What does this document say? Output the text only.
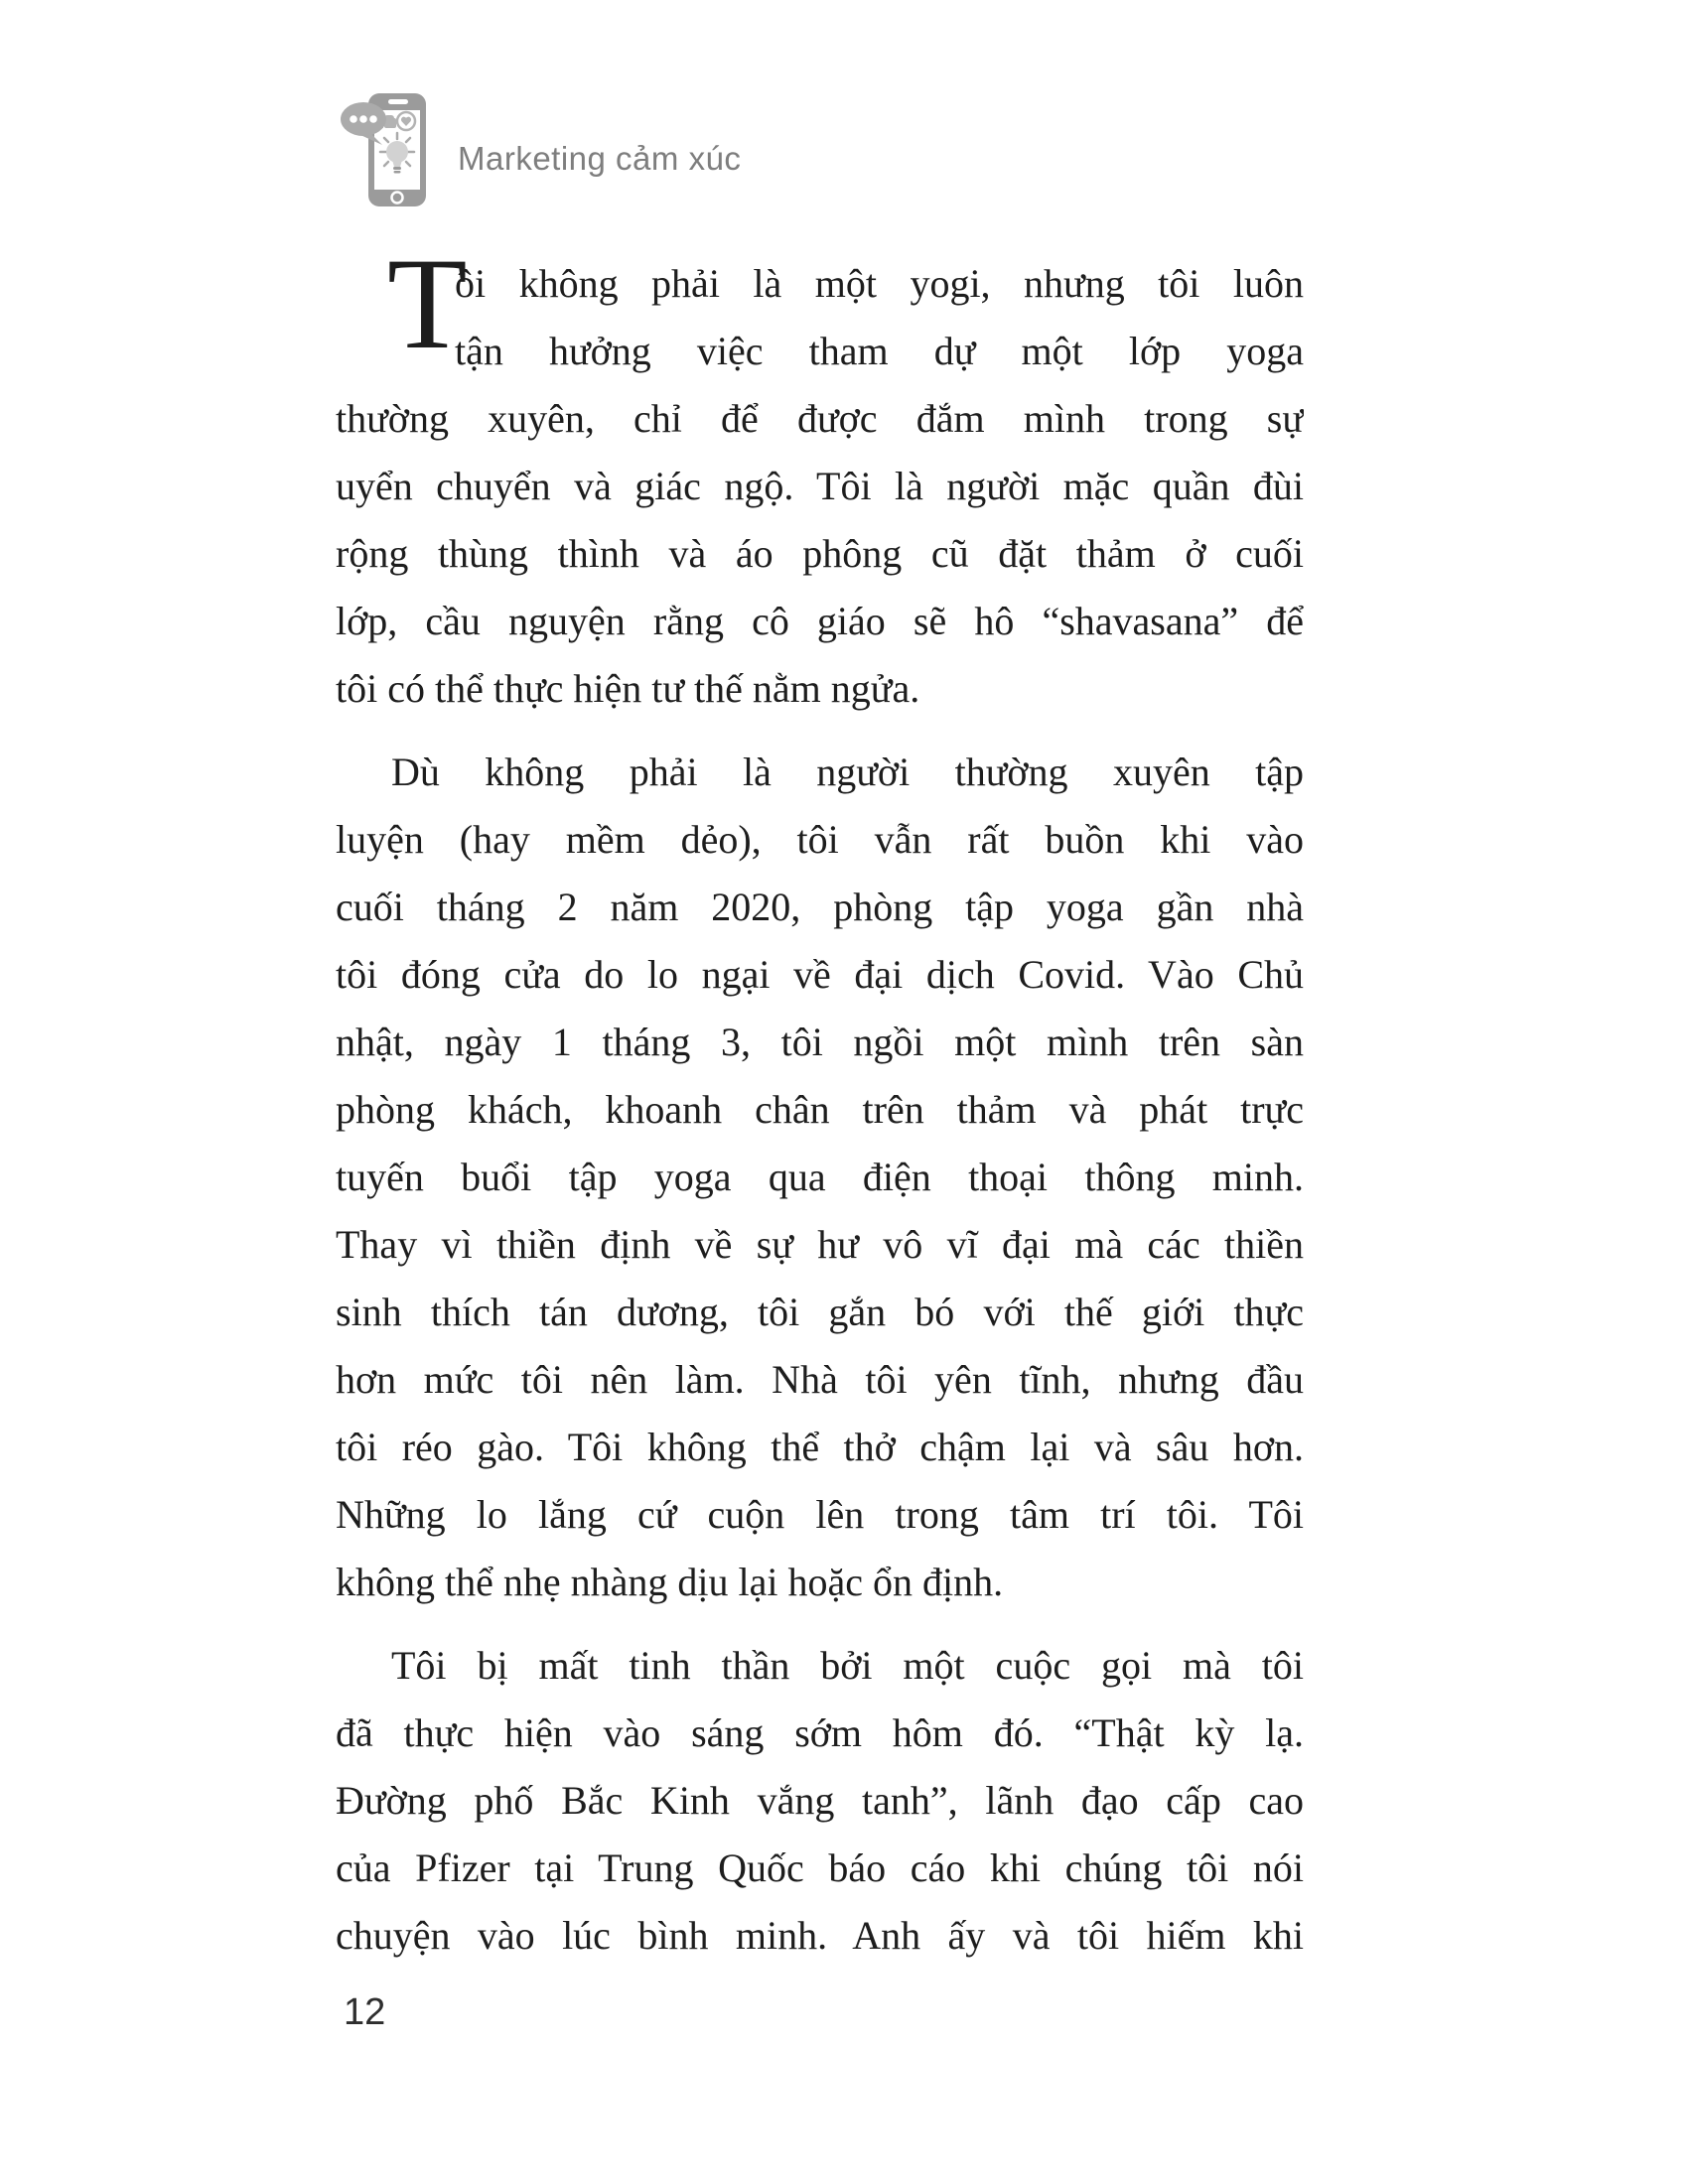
Marketing cảm xúc
T
ôi không phải là một yogi, nhưng tôi luôn
tận hưởng việc tham dự một lớp yoga
thường xuyên, chỉ để được đắm mình trong sự
uyển chuyển và giác ngộ. Tôi là người mặc quần đùi
rộng thùng thình và áo phông cũ đặt thảm ở cuối
lớp, cầu nguyện rằng cô giáo sẽ hô “shavasana” để
tôi có thể thực hiện tư thế nằm ngửa.
Dù không phải là người thường xuyên tập
luyện (hay mềm dẻo), tôi vẫn rất buồn khi vào
cuối tháng 2 năm 2020, phòng tập yoga gần nhà
tôi đóng cửa do lo ngại về đại dịch Covid. Vào Chủ
nhật, ngày 1 tháng 3, tôi ngồi một mình trên sàn
phòng khách, khoanh chân trên thảm và phát trực
tuyến buổi tập yoga qua điện thoại thông minh.
Thay vì thiền định về sự hư vô vĩ đại mà các thiền
sinh thích tán dương, tôi gắn bó với thế giới thực
hơn mức tôi nên làm. Nhà tôi yên tĩnh, nhưng đầu
tôi réo gào. Tôi không thể thở chậm lại và sâu hơn.
Những lo lắng cứ cuộn lên trong tâm trí tôi. Tôi
không thể nhẹ nhàng dịu lại hoặc ổn định.
Tôi bị mất tinh thần bởi một cuộc gọi mà tôi
đã thực hiện vào sáng sớm hôm đó. “Thật kỳ lạ.
Đường phố Bắc Kinh vắng tanh”, lãnh đạo cấp cao
của Pfizer tại Trung Quốc báo cáo khi chúng tôi nói
chuyện vào lúc bình minh. Anh ấy và tôi hiếm khi
12
